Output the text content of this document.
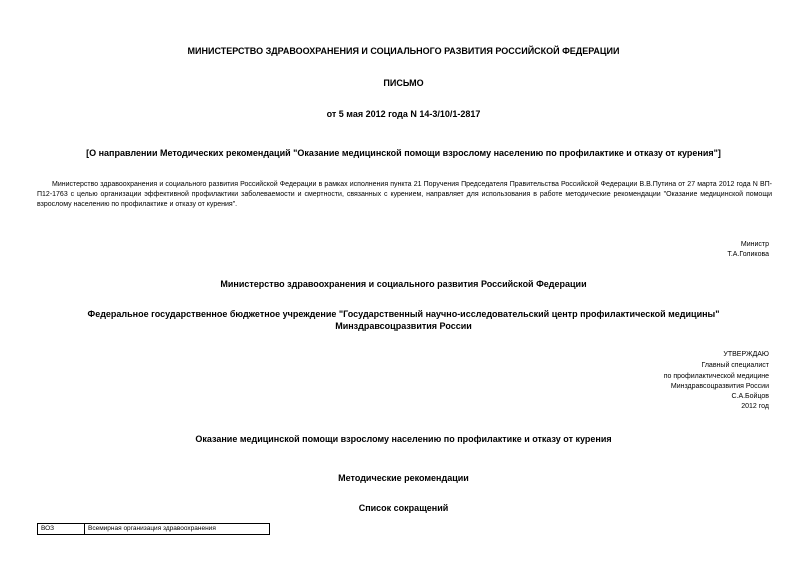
МИНИСТЕРСТВО ЗДРАВООХРАНЕНИЯ И СОЦИАЛЬНОГО РАЗВИТИЯ РОССИЙСКОЙ ФЕДЕРАЦИИ
ПИСЬМО
от 5 мая 2012 года N 14-3/10/1-2817
[О направлении Методических рекомендаций "Оказание медицинской помощи взрослому населению по профилактике и отказу от курения"]
Министерство здравоохранения и социального развития Российской Федерации в рамках исполнения пункта 21 Поручения Председателя Правительства Российской Федерации В.В.Путина от 27 марта 2012 года N ВП-П12-1763 с целью организации эффективной профилактики заболеваемости и смертности, связанных с курением, направляет для использования в работе методические рекомендации "Оказание медицинской помощи взрослому населению по профилактике и отказу от курения".
Министр
Т.А.Голикова
Министерство здравоохранения и социального развития Российской Федерации
Федеральное государственное бюджетное учреждение "Государственный научно-исследовательский центр профилактической медицины" Минздравсоцразвития России
УТВЕРЖДАЮ
Главный специалист
по профилактической медицине
Минздравсоцразвития России
С.А.Бойцов
2012 год
Оказание медицинской помощи взрослому населению по профилактике и отказу от курения
Методические рекомендации
Список сокращений
ВОЗ	Всемирная организация здравоохранения
